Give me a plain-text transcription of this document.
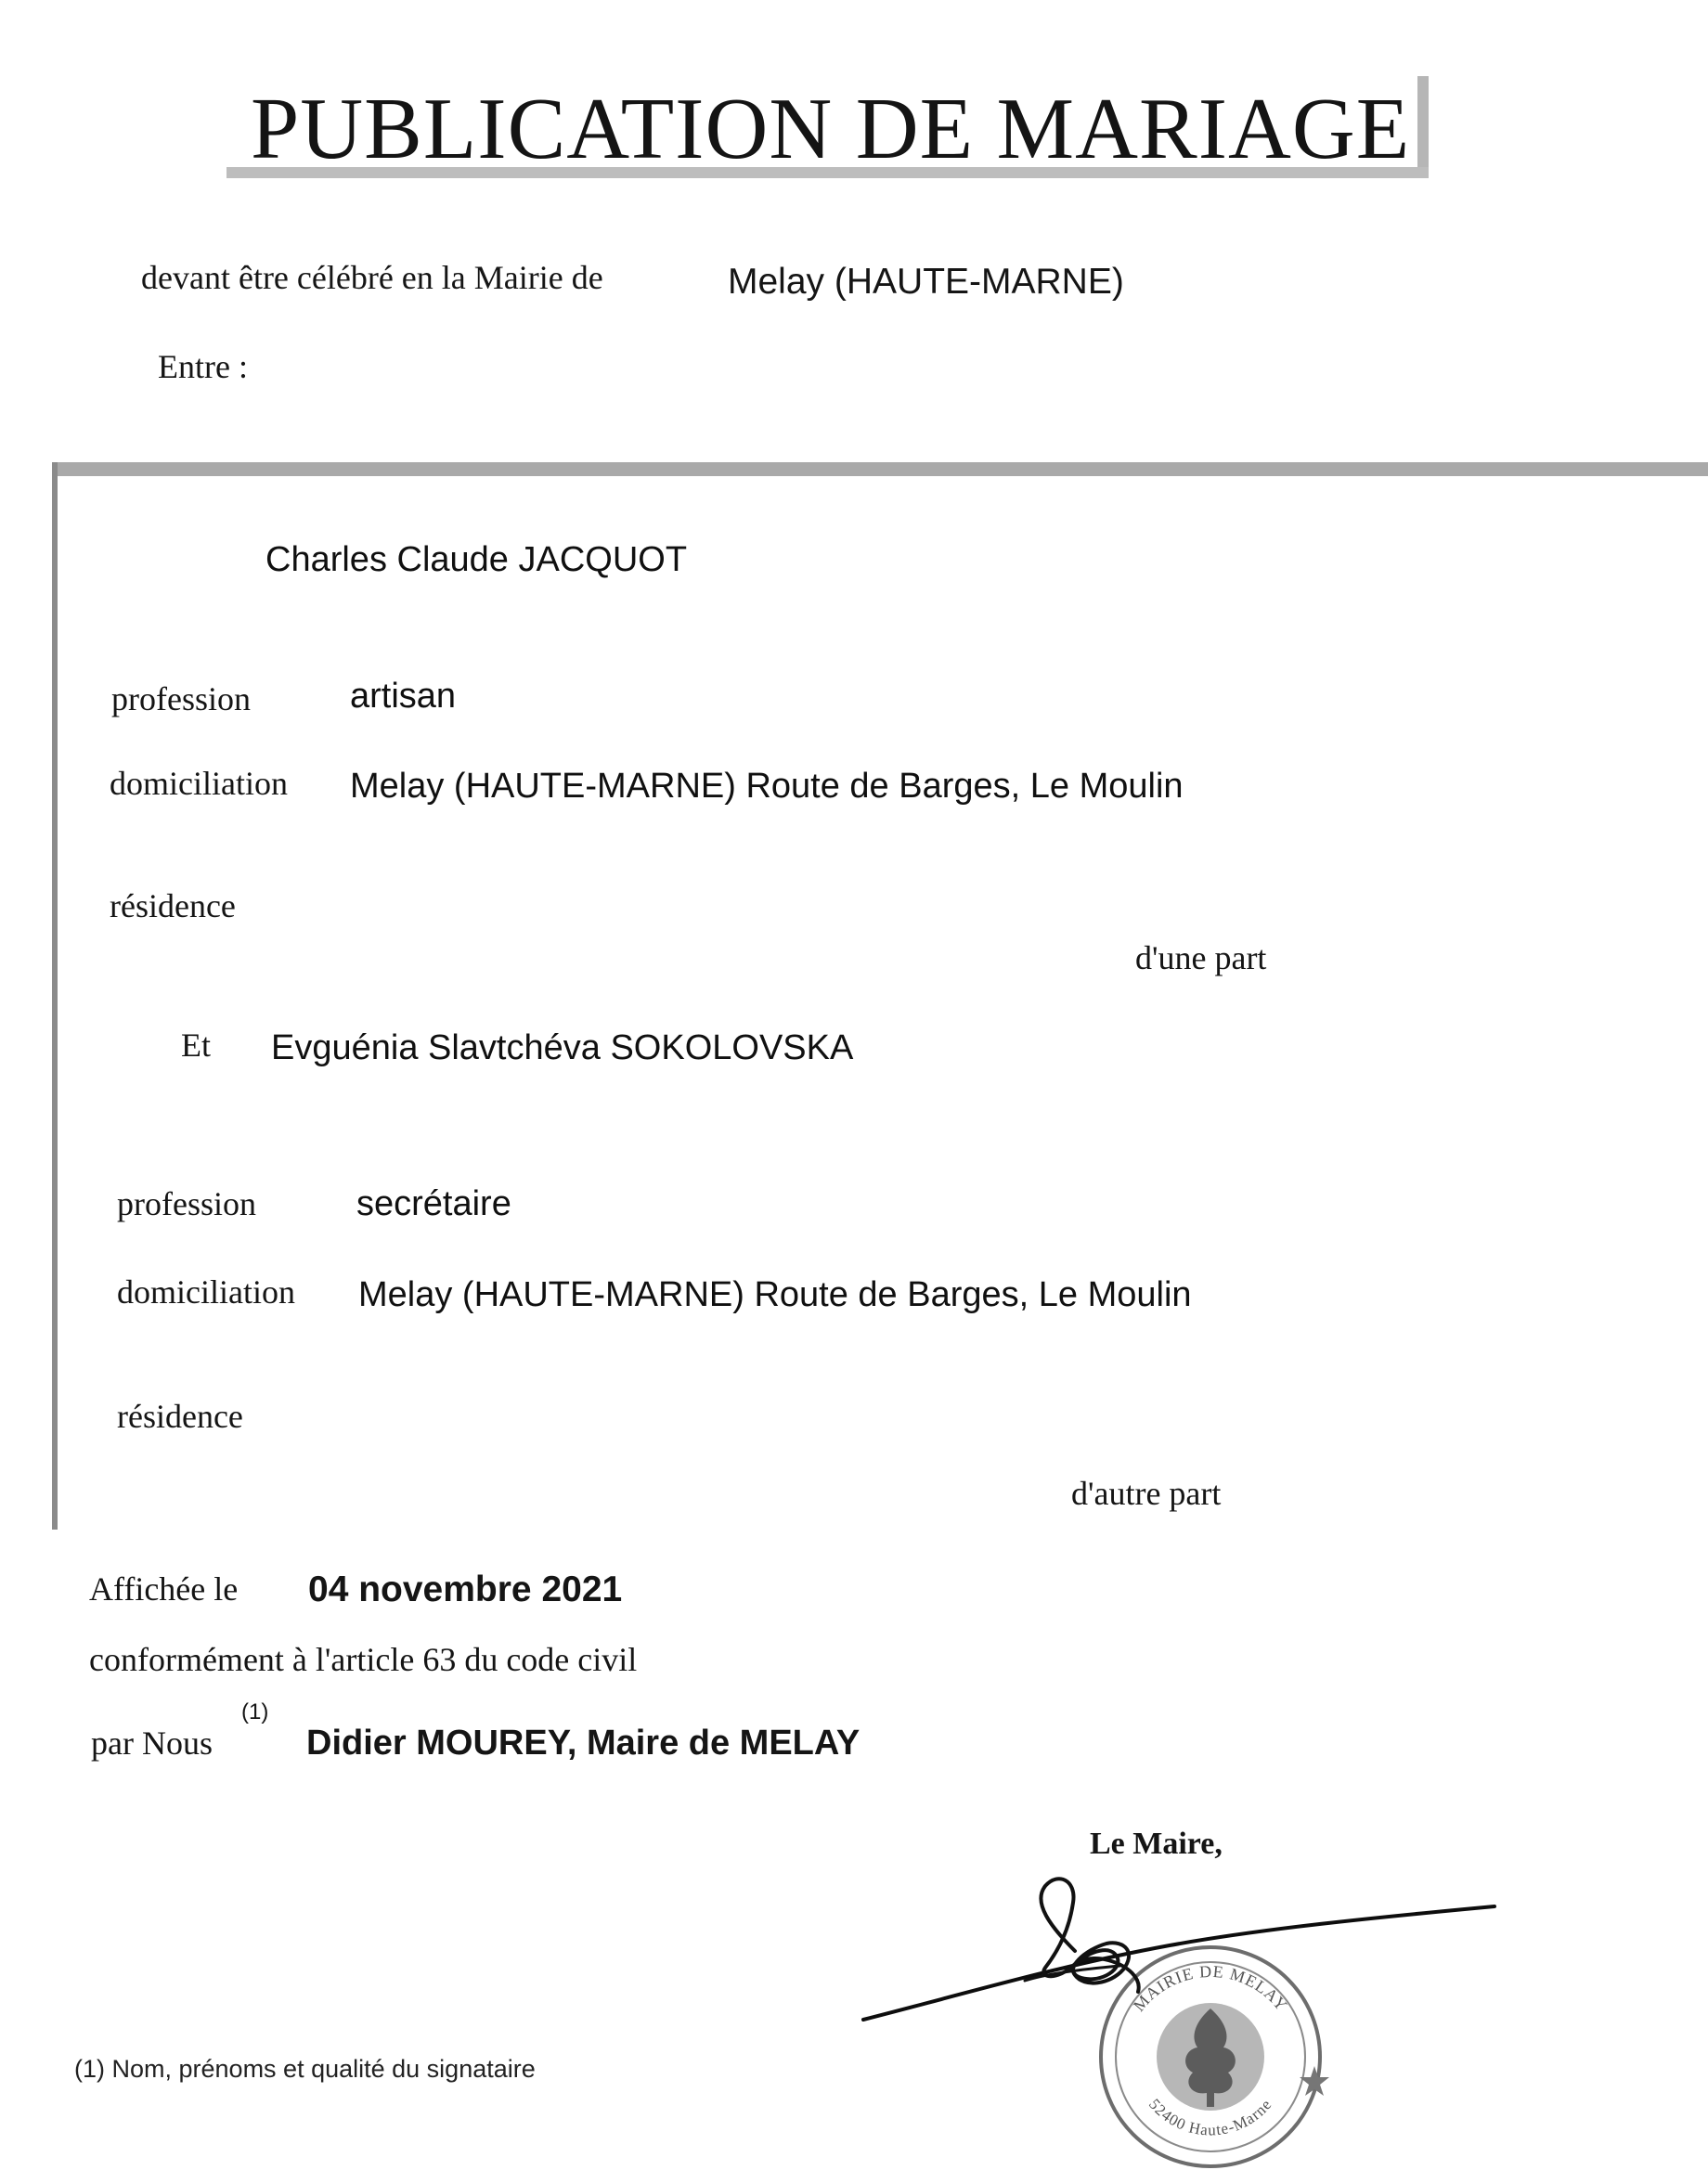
PUBLICATION DE MARIAGE
devant être célébré en la Mairie de	Melay (HAUTE-MARNE)
Entre :
Charles Claude JACQUOT
profession	artisan
domiciliation Melay (HAUTE-MARNE) Route de Barges, Le Moulin
résidence
d'une part
Et Evguénia Slavtchéva SOKOLOVSKA
profession	secrétaire
domiciliation Melay (HAUTE-MARNE) Route de Barges, Le Moulin
résidence
d'autre part
Affichée le 04 novembre 2021
conformément à l'article 63 du code civil
par Nous
(1)
Didier MOUREY, Maire de MELAY
Le Maire,
MAIRIE DE MELAY
52400 Haute-Marne
(1) Nom, prénoms et qualité du signataire
